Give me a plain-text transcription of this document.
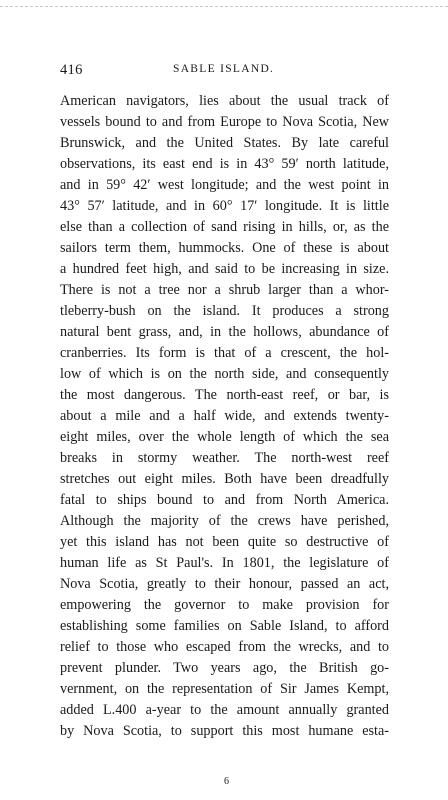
416	SABLE ISLAND.
American navigators, lies about the usual track of
vessels bound to and from Europe to Nova Scotia, New
Brunswick, and the United States. By late careful
observations, its east end is in 43° 59′ north latitude,
and in 59° 42′ west longitude; and the west point in
43° 57′ latitude, and in 60° 17′ longitude. It is little
else than a collection of sand rising in hills, or, as the
sailors term them, hummocks. One of these is about
a hundred feet high, and said to be increasing in size.
There is not a tree nor a shrub larger than a whor-
tleberry-bush on the island. It produces a strong
natural bent grass, and, in the hollows, abundance of
cranberries. Its form is that of a crescent, the hol-
low of which is on the north side, and consequently
the most dangerous. The north-east reef, or bar, is
about a mile and a half wide, and extends twenty-
eight miles, over the whole length of which the sea
breaks in stormy weather. The north-west reef
stretches out eight miles. Both have been dreadfully
fatal to ships bound to and from North America.
Although the majority of the crews have perished,
yet this island has not been quite so destructive of
human life as St Paul's. In 1801, the legislature of
Nova Scotia, greatly to their honour, passed an act,
empowering the governor to make provision for
establishing some families on Sable Island, to afford
relief to those who escaped from the wrecks, and to
prevent plunder. Two years ago, the British go-
vernment, on the representation of Sir James Kempt,
added L.400 a-year to the amount annually granted
by Nova Scotia, to support this most humane esta-
6
